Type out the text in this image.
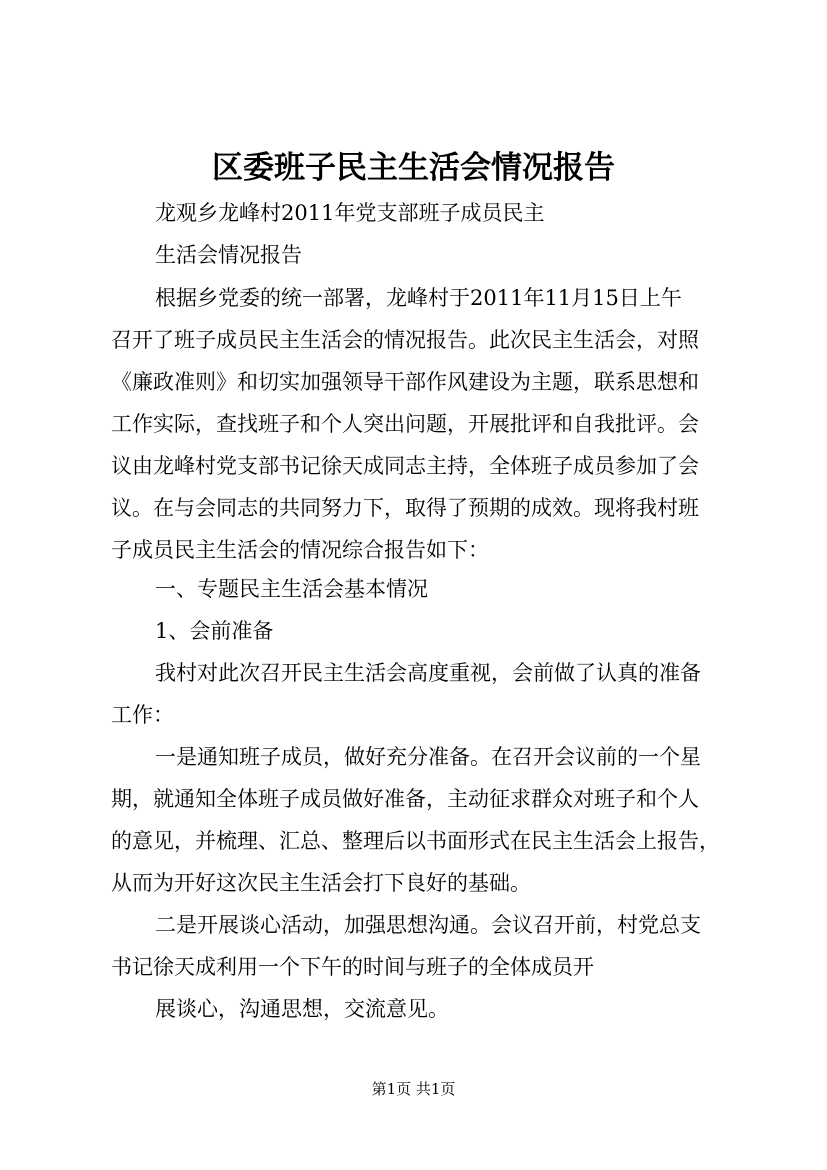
区委班子民主生活会情况报告
龙观乡龙峰村2011年党支部班子成员民主
生活会情况报告
根据乡党委的统一部署，龙峰村于2011年11月15日上午
召开了班子成员民主生活会的情况报告。此次民主生活会，对照
《廉政准则》和切实加强领导干部作风建设为主题，联系思想和
工作实际，查找班子和个人突出问题，开展批评和自我批评。会
议由龙峰村党支部书记徐天成同志主持，全体班子成员参加了会
议。在与会同志的共同努力下，取得了预期的成效。现将我村班
子成员民主生活会的情况综合报告如下：
一、专题民主生活会基本情况
1、会前准备
我村对此次召开民主生活会高度重视，会前做了认真的准备
工作：
一是通知班子成员，做好充分准备。在召开会议前的一个星
期，就通知全体班子成员做好准备，主动征求群众对班子和个人
的意见，并梳理、汇总、整理后以书面形式在民主生活会上报告，
从而为开好这次民主生活会打下良好的基础。
二是开展谈心活动，加强思想沟通。会议召开前，村党总支
书记徐天成利用一个下午的时间与班子的全体成员开
展谈心，沟通思想，交流意见。
第1页 共1页
